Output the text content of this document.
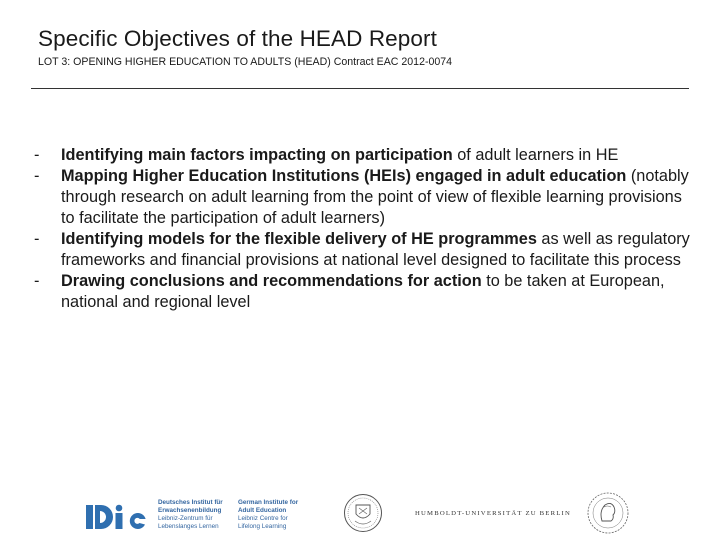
Specific Objectives of the HEAD Report
LOT 3: OPENING HIGHER EDUCATION TO ADULTS (HEAD) Contract EAC 2012-0074
-	Identifying main factors impacting on participation of adult learners in HE
-	Mapping Higher Education Institutions (HEIs) engaged in adult education (notably through research on adult learning from the point of view of flexible learning provisions to facilitate the participation of adult learners)
-	Identifying models for the flexible delivery of HE programmes as well as regulatory frameworks and financial provisions at national level designed to facilitate this process
-	Drawing conclusions and recommendations for action to be taken at European, national and regional level
Deutsches Institut für
Erwachsenenbildung
Leibniz-Zentrum für
Lebenslanges Lernen
German Institute for
Adult Education
Leibniz Centre for
Lifelong Learning
HUMBOLDT-UNIVERSITÄT ZU BERLIN
